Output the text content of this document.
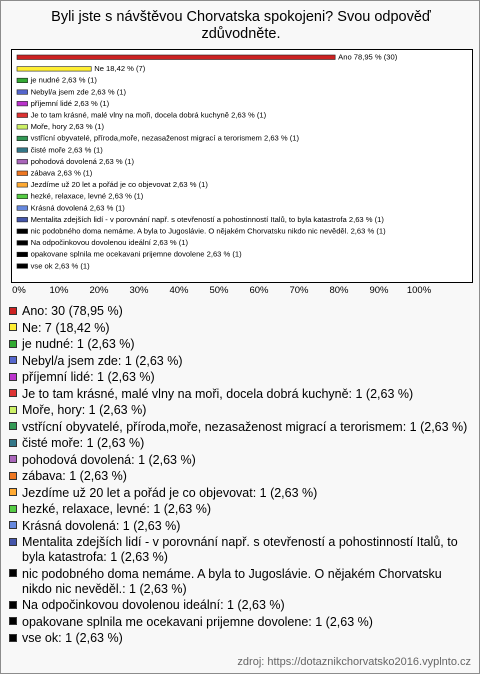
Byli jste s návštěvou Chorvatska spokojeni? Svou odpověď zdůvodněte.
Ano 78,95 % (30)
Ne 18,42 % (7)
je nudné 2,63 % (1)
Nebyl/a jsem zde 2,63 % (1)
příjemní lidé 2,63 % (1)
Je to tam krásné, malé vlny na moři, docela dobrá kuchyně 2,63 % (1)
Moře, hory 2,63 % (1)
vstřícní obyvatelé, příroda,moře, nezasaženost migrací a terorismem 2,63 % (1)
čisté moře 2,63 % (1)
pohodová dovolená 2,63 % (1)
zábava 2,63 % (1)
Jezdíme už 20 let a pořád je co objevovat 2,63 % (1)
hezké, relaxace, levné 2,63 % (1)
Krásná dovolená 2,63 % (1)
Mentalita zdejších lidí - v porovnání např. s otevřeností a pohostinností Italů, to byla katastrofa 2,63 % (1)
nic podobného doma nemáme. A byla to Jugoslávie. O nějakém Chorvatsku nikdo nic nevěděl. 2,63 % (1)
Na odpočinkovou dovolenou ideální 2,63 % (1)
opakovane splnila me ocekavani prijemne dovolene 2,63 % (1)
vse ok 2,63 % (1)
0% 10% 20% 30% 40% 50% 60% 70% 80% 90% 100%
Ano: 30 (78,95 %)
Ne: 7 (18,42 %)
je nudné: 1 (2,63 %)
Nebyl/a jsem zde: 1 (2,63 %)
příjemní lidé: 1 (2,63 %)
Je to tam krásné, malé vlny na moři, docela dobrá kuchyně: 1 (2,63 %)
Moře, hory: 1 (2,63 %)
vstřícní obyvatelé, příroda,moře, nezasaženost migrací a terorismem: 1 (2,63 %)
čisté moře: 1 (2,63 %)
pohodová dovolená: 1 (2,63 %)
zábava: 1 (2,63 %)
Jezdíme už 20 let a pořád je co objevovat: 1 (2,63 %)
hezké, relaxace, levné: 1 (2,63 %)
Krásná dovolená: 1 (2,63 %)
Mentalita zdejších lidí - v porovnání např. s otevřeností a pohostinností Italů, to byla katastrofa: 1 (2,63 %)
nic podobného doma nemáme. A byla to Jugoslávie. O nějakém Chorvatsku nikdo nic nevěděl.: 1 (2,63 %)
Na odpočinkovou dovolenou ideální: 1 (2,63 %)
opakovane splnila me ocekavani prijemne dovolene: 1 (2,63 %)
vse ok: 1 (2,63 %)
zdroj: https://dotaznikchorvatsko2016.vyplnto.cz
